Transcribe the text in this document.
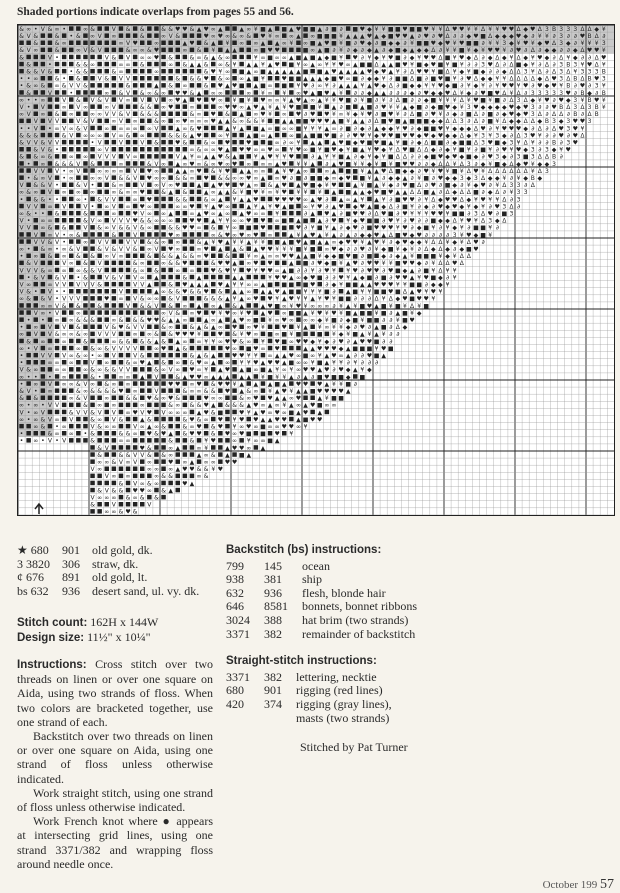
Shaded portions indicate overlaps from pages 55 and 56.
& ∞ • V & ∞ •	∞ &	V & &	& & ♥ ♥ & ▲ ♥ ∞ ▲	▲ ∞ ¥ ■ ▲ ■ ▲ ♥ ■ ■ ▲ ∂ ■ ∂ ■ ♥ ◆ ¥ ¥ ■ ■ ♥ ■ ■ ♥ ¥ ¥ Δ ♥ ♥ ¥ ¥ Δ ¥ ¥ ♥ ♥ Δ ◆ ♥ Δ 3 B 3 3 3 Δ Δ ◆ ¥
& V &	& • & ∞ V ∞	&	∞ V &	♥ ∞ ♥ ∞ & ∞ & ♥ ¥ ∞ ∞ ▲ ∞ ■ ■ ■ ¥ ▲ ▲ ▲ ♥ ▲ ◆ ■ ♥ ♥ ▲ ∂ ♥ ∂ ♥ Δ ∂ ∂ ◆ ♥ ■ Δ ◆ ◆ ◆ ♥ ◆ ∂ ¥ ¥ ∂ 3 ∂ ∂ ♥ B Δ ∂
&	& ∞	∞ V ♥	∞	▲ ♥ & ▲ ¥ ∞ ∞ ▲ ▲ ∞ ¥ ∞ ■ ▲ ♥ ■ ¥ ■ ∂ ♥ ◆ ∂ ■ ◆ ◆ ∂ ¥ ■ ■ ♥ ◆ ♥ ¥ ♥ ■ ■ ∂ ¥ ¥ 3 ◆ ¥ ♥ ¥ ◆ ♥ Δ 3 ◆ ∂ ¥ ¥ ¥ 3
& V ∞	&	∞ V & V	& ∞ ∞ & ♥	∞ & ¥ ▲ ▲	∞ ■ ♥ ♥	■ ∞ ▲ ■ ∂ ¥ ∂ ◆ ∂ ◆ ▲ ∂ ◆ ■ ◆ ▲ ◆ ◆ Δ ∂ ¥ ¥ ■ ¥ ◆ ¥ ♥ ♥ ¥ ∂ ♥ ∂ Δ ∂ ◆ ◆ ∂ ∂ ◆ Δ ♥ ♥ ¥
&	V •	V & V ∞ ∞ ♥ &	& ∞ & ▲ & ∞	¥ ∞ ■ ∞ ∞ ▲ ■ ▲ ■ ▲ ◆ ■ ¥ ♥ ∂ ¥ ◆ ¥ ♥ ■ ∂ ◆ ¥ ♥ ♥ Δ ■ ¥ ♥ ◆ Δ ∂ ◆ Δ ◆ ¥ Δ ◆ ¥ ♥ ◆ ∂ Δ ¥ ◆ ∂ ∂ Δ ♥
&	•	& & ∞	∞ ∞ &	∞ & ▲ ▲ & ∞ & ¥ ▲ ▲ ¥ ▲ ♥ ■ ¥ ∞ ▲ ∞ ¥ ¥ ♥ ∞ ▲ ■ ■ Δ ▲ ▲ ■ ♥ ¥ ■ ◆ ♥ ■ ¥ ■ ¥ ∂ ∂ 3 ♥ Δ ∂ Δ ■ ◆ ¥ ∂ Δ ∂ 3 B 3 ¥ ♥ Δ ¥
& & V &	• & &	& ∞	∞	& ♥ ¥ ∞ ■ ▲ ∞ ■ ▲ ▲ ▲ ▲ ▲ ■ ■ ▲ ♥ ▲ ▲ ▲ ▲ ♥ ◆ ♥ ▲ ¥ ∂ Δ ♥ ♥ ¥ ■ Δ ¥ ◆ ¥ ■ ◆ ∂ ∂ ◆ Δ Δ 3 ¥ Δ ∂ Δ 3 Δ ¥ 3 3 3 B
• • ∞	& • &	V & V V	& & & ♥ & ∞ ∞ ▲ ■ ¥	♥ ■ ■ ▲ ▲ ▲ ◆ ■ ♥ ∞ ■ ∂ ◆ ◆ ¥ ∂ ■ ■ Δ ■ ∂ ■ ♥ ■ ¥ ∂ ♥ Δ ◆ ◆ ¥ ¥ Δ Δ Δ Δ ◆ Δ ♥ 3 Δ B Δ B ♥ 3
• & ∞ & ∞ & V V &	&	▲ & ∞	& ♥ ▲ ♥ ■ ▲ ■ ∞ ■ ¥ ♥ ∂ ∞ ¥ ∂ ▲ ▲ ▲ ¥ ▲ ♥ ◆ Δ ∂ ■ ◆ ◆ ¥ ¥ ♥ ◆ ■ ∂ ¥ ◆ ¥ ∂ ¥ ♥ ♥ ¥ ♥ ∂ ♥ ◆ ♥ ¥ B ∂ ♥ ∂ 3 ¥
&	V	•	∞ & V & ∞ & ∞ ♥ ♥ & ▲ ∞ ∞	∞ ¥ ∞ ¥ ∞ ♥ ▲ ■ ♥ ▲ ¥ ∂ ∂ ◆ ▲ ▲ ∂ ∂ ∂ ◆ ∂ ♥ ◆ ◆ ♥ Δ ¥ ◆ ∂ ♥ ■ ♥ Δ ¥ Δ ∂ 3 3 3 3 3 ♥ ∂ B ◆ ∂ B
∞ • • ∞	V & V & V V ∞ V V ∞ ♥ ▲ ♥ ♥ ∞ ¥ ■ ¥ ♥ ∞ ∞ ¥ ▲ ♥ ▲ ∞ ▲ ¥ ¥ ♥ ■ ∂ ¥ ■ ∂ ¥ ∂ Δ ■ ∂ ∂ ◆ ■ ¥ ¥ ¥ Δ ¥ ♥ ■ ¥ ■ ∂ Δ 3 Δ ◆ ¥ ♥ ∂ ♥ ◆ 3 ¥ B ♥ ¥
V • V	∞ V ∞	∞ V	& & ∞ ♥	∞	∞ ♥ ♥ ∞ ▲ ♥ ▲ ¥ ▲ ¥ ♥ ■ ■ ¥ ▲ ∂ ■ ▲ ■ ∂ ♥ ¥ ¥ ▲ ◆ ■ ∂ ◆ ■ ♥ ◆ ¥ 3 ♥ ◆ ◆ ◆ ◆ ♥ ◆ ♥ 3 ∂ ∂ ♥ B Δ 3 Δ 3 B ¥
∞ V ∞ & ∞	∞ ∞ V V & V & & &	& ∞ ♥ & ▲ ∞ ♥ ¥ ∞ ♥ ∂ ♥ ♥ ¥ ∞ ¥ ◆ ¥ ♥ ∂ ■ ♥ ¥ ∂ Δ ■ ∂ ♥ ¥ ∂ ◆ ∂ ■ Δ ∂ ■ ∂ ◆ ♥ ◆ ♥ 3 Δ ∂ Δ Δ ∂ B ∂ Δ B
V V V	V & V	∞ V ∞	& ∞ ∞ ♥ ∞ ∞ ∞ ♥ ▲ ▲ & ∞ & & ¥ ■ ▲ ▲ ■ ■ ♥ ♥ ♥ ▲ ■ ¥ ▲ ▲ ∂ Δ ■ ♥ ■ ▲ ■ ■ ■ ◆ ◆ Δ Δ 3 ∂ Δ ∂ ■ ¥ Δ ◆ ◆ Δ Δ ◆ B 3 ◆ 3 ♥ ♥ 3
• • V • ∞ V ∞ & V	∞ ∞ ∞ ∞ ∞ V	▲ ∞ & ♥	▲ ¥ ▲ ■ ▲ ∞ ■ ∞ ∞ ■ ¥ ¥ ¥ ▲ ∞ ∂ ■ ∂ ◆ ∂ ▲ ◆ ◆ ¥ ♥ ∂ ◆ ■ ■ ♥ ¥ ◆ ◆ ◆ Δ ♥ ∂ ¥ ♥ ♥ ♥ ◆ ∂ Δ ∂ Δ ♥ 3 ♥ ¥
& & &	& V ∞ ∞ ∞ V ∞ & ∞	& & & ▲ ♥	∞ ¥	▲ ■ ∞ ▲	∞ ■ ▲ ■ ■ ♥ ■ ∂ ∂ ♥ ♥ ¥ ◆ ♥ ♥ ■ ♥ ♥ ◆ ♥ ◆ ♥ ◆ ◆ Δ ◆ ¥ 3 ¥ 3 ◆ ∂ Δ 3 ♥ ¥ ∂ ∂ ♥ ∂ ♥ Δ
& V V & V V	• V	V	V &	♥ &	& ∞ ♥	♥ ■ ■ ∞ ∂ ∞ ¥ ▲ ▲ ▲ ♥ ■ ◆ ♥ ■ ♥ ■ ▲ ¥ ■ ∂ ◆ Δ ■ ■ ∂ ◆ ■ ■ Δ 3 ♥ ■ ◆ 3 ¥ Δ ¥ ∂ ∂ B ∂ 3 ♥
& V & •	∞ V	∞ & ∞ ∞ ♥ ▲ ♥ ♥ ∞ ∞ ♥ ∞ ¥ ♥ ∞ ■ ¥ ■ ♥ ◆ ¥ ■ ▲ ¥ ♥ ◆ ¥ Δ ♥ ■ Δ Δ ◆ ∂ ◆ ¥ ■ ¥ ∂ ■ ¥ ∂ ♥ ¥ ♥ ◆ 3 ∂ 3 ◆ ¥ ♥
& & ∞ &	∞ ∞ V V V V ∞	V ▲ ¥ ∞ ▲ ▲ ♥ & ▲ ■ ¥ ▲ ♥ ¥ ¥ ♥	∂ ▲ ¥ ¥ ■ ▲ ∂ ◆ ¥ ◆ ¥ ■ Δ Δ ∂ ∂ ◆ ■ ♥ ◆ ♥ ◆ ■ ◆ ∂ ♥ 3 ◆ ∂ 3 ■ 3 Δ Δ B ∂
• ∞ & & & V &	∞	& V ∞ ▲ ∞ ♥ ∞ & ∞ ♥ ∞ ♥ ∞ ∞ ∞ ▲ ♥ ¥ ¥ ▲ ∂ ▲ ♥ ■ ¥ ¥ ◆ ¥ ■ ¥ ■ ♥ ♥ ∂ ∂ ◆ Δ Δ ¥ Δ 3 ∂ ◆ ¥ ■ ◆ Δ ◆ ♥ ¥ ◆ ◆ 3
V V V • ∞ V	∞ ∞ ∞ ∞ V ♥ ∞	▲ ▲ ∞ ♥ & ¥ ♥ ▲ ▲ ∞ ∞ ▲ ¥ ♥ ▲ ∞	∞ ▲ ■ ■ ¥ ▲ ▲ ♥ Δ ■ ◆ ◆ ∂ ♥ ¥ ♥ ¥ ■ ¥ Δ ♥ ¥ Δ Δ Δ Δ Δ Δ ¥ Δ 3
• & ∞ V • ∞	∞ ∞ V & & V ♥ ∞ ∞ & & ∞ ♥ & & ∞ ∞ ♥ ∞ ▲ ∞ ♥ ∂ ■ ∂ ■ ■ ◆ ∞ ◆ ♥ ■ ¥ ▲ ∂ ◆ ◆ ▲ ∂ ¥ ■ ∂ ♥ ◆ ◆ 3 ◆ 3 Δ ◆ ◆ ¥ ∂ ¥ ◆ B ◆
V & & V •	& V •	& ∞	V ∞ V ∞ ♥	▲ ▲ ♥ ♥ ♥ ▲ ∞ & ▲ ♥ ▲ ♥ ■ ◆ ¥ ♥	▲ ¥ ■ ▲ ¥ ◆ ∂ ♥ ■ Δ ∂ ♥ ∂ ■ ◆ ∂ ¥ ◆ ♥ ∂ ¥ Δ 3 3 ∂ Δ
∞ & ∞ V ∞ ∞ ∞	∞ & ∞ ∞ ♥	& ▲ &	▲ ∞ ▲ ▲ & ¥ ■ ♥ ¥ ∞ ¥ ♥ ¥ ¥ ¥ ▲ ■ ▲ ▲ ◆ ♥ ■ ♥ ▲ ▲ Δ Δ ■ ▲ ∂ Δ ◆ Δ Δ ■ ∂ ◆ Δ ∂ ¥ 3 3
• & & • •	∞ • & V V	∞ ♥	& &	& ∞ ▲ ¥ ▲ ▲ ♥	♥ ♥ ♥ ♥ ∞ ▲ ♥ ∂ ▲ ∞ ▲ ¥ ▲ ¥ ∂ ■ ♥ ♥ ∂ ¥ Δ ◆ ♥ ♥ Δ ◆ ¥ ♥ ¥ ¥ Δ ∂ 3
V V ∞ V	V • ∞ V ∞ ♥ ∞	∞ ∞ ♥ ¥ ▲ ♥ ∞	▲ ¥ ▲ ¥ ♥ ▲ ■ ∞ ¥ ♥ ∂ ▲ ♥ ◆ ♥ ▲ ■ ◆ Δ ∂ ■ ¥ ∂ ◆ ∂ ♥ ◆ ♥ ◆ ¥ ◆ ¥ ∂ ♥ 3 Δ ∂
∞ & • • &	&	∞	♥ V ∞ ∞ ▲	∞ ▲ ♥ ∞ ▲ ∞ ▲ ♥ ∞ ∞ ¥	∂ ▲ ♥ ▲ ∂ ■ ♥ ♥ ∂ Δ ♥ ■ ∂ ♥ ¥ ¥ ¥ ♥ ♥ ¥ ■ ■ ∂ 3 Δ ♥ ∂ ■ 3
V • ∞ ∞	& V ∞ V V V ♥ & & ∞ ∞ ∞	♥ ♥ ▲ ¥ ¥ ∞ ∞ ♥ ♥ ∞ ■ ▲ ■ ▲ ∂ ♥ ¥ ◆ ♥ ■ ■ ∂ ♥ ¥ ∂ ♥ ∂ ∂ ■ ◆ ◆ Δ ¥ ♥ ¥ Δ 3 ◆ Δ
V V ∞ & &	V & ∞ V & & V & ∞	& & ♥ ♥ ∞ & ¥ ∞ ■ ♥	■ ♥ ∂ ¥ ■ ¥ ▲ ∂ ◆ ♥ ∂ ■ ♥ ♥ ♥ ¥ ♥ ∂ ◆ ■ ¥ ∂ ¥ ◆ ¥ ∂ ■ ■ ¥ ∂
V ∞ V • ∞ &	&	V	♥ ∞	∞ & ♥ ∞ ♥ ∞ ♥ ∞	▲ ¥ ▲ ♥ ▲ ¥ ▲ ∂ ▲ ∂ ◆ ◆ ♥ ▲ Δ ■ ♥ ◆ ♥ ∂ ∂ ∂ ∂ 3 ¥ ♥ ◆ ■ ¥
V V & V •	∞ V V	V V & & ∞ ∞	& ▲ ¥ ♥ ▲ ¥ ¥ ▲ ¥ ¥ ■ ■ ▲ ■ ♥ ▲ ■ ▲ ▲ ∞ ◆ ♥ ♥ ¥ ▲ ♥ ¥ ∂ ◆ ♥ ◆ ◆ ¥ Δ Δ ¥ ◆ ¥ Δ ♥ ∂
∞ • & ∞ • ∞ & V	& V & V V & ∞ V ♥ ∞	∞ ♥ ▲ ▲ & ▲ ♥ ♥ ¥ ¥ ¥ ■ ¥ ■ ∞ ♥ ◆ ∂ ∂ ♥ ∂ ¥ ◆ ■ ¥ ◆ ¥ ∂ Δ ◆ Δ ◆ ∂ ◆ ■ ♥
• ∞ & ∞ & & ∞ V ∞	& & & ▲ & & ∞ ♥	&	¥ ∞ ▲ ∞ ∞ ♥ ♥ ▲ ▲ ■ ¥ ◆ ◆ ■ ♥ ■ ∂ ■ ◆ ∂ ◆ ▲ ¥ ■ ■ ■ ¥ ◆ ¥ Δ Δ
& V	V ∞ & V	& ∞	∞ & & ♥	& ♥ ♥ ▲ ∞ ♥ ♥	▲ ■ ∂ ♥ ◆ ■ ¥ ▲ ♥ ∂ ♥ ♥ ¥ ¥ ■ ♥ ♥ ◆ ∂ ¥ Δ Δ ♥ Δ
V V V & ∞ ∞ ∞ & & V	& ∞ &	∞ ∞	♥ & ♥ ¥ ♥ ¥ ♥ ♥ ∞ ▲ ■ ∂ ∂ ¥ ∂ ♥ ¥ ¥ ♥ ∂ ♥ ♥ ∂ ♥ ■ ◆ ▲ ∂ ■ ¥ Δ ¥ ¥
• & V & V • &	V & V V ∞ ▲	& ▲	▲ ▲	¥ ♥ ♥ ▲ ∞ ◆ ♥ ■ ∂ ∂ ♥ ¥ ▲ ◆ ■ ∂ ■ ∂ ♥ ♥ ▲ ¥ ♥ ■ ◆ ∂ ¥
V ∞	∞ V V V V V &	V V ▲	& ♥ ▲ ▲ ▲ ♥ ▲ ¥ ¥ ∞ ∞ ▲ ■ ■ ■ ■ ♥ ∂ ◆ ¥ ■ ■ ▲ ▲ ♥ ♥ ♥ ¥ ¥ ■ ■ ∂ ◆ ◆ ¥
V & • V • •	V	▲ ∞ & & ♥ & & ♥ & ▲ ▲ ∞ ▲ ▲ ♥ ▲ ■ ■ ¥ ¥ ¥ ■ ∂ ▲ ■ ¥ ¥ ■ ■ ♥ ■ Δ ▲ ♥ ¥ ♥ ¥
∞ & & V • V V V	♥ ∞ V & ∞ ∞ & V	& & & ▲ ¥ ▲ ∞ ♥ ♥ ¥ ▲ ♥ ¥ ¥ ▲ ¥ ♥ ¥ ■ ■ ∂ ∂ ∂ Δ ¥ Δ ◆ ♥ ■ ♥ ♥ ¥
∞ ∞ V & &	&	V & & V & ∞ ▲ ∞ ▲ & ▲	▲ ♥ ■ ∞ ¥ ♥ ¥ ∞ ∞ ∞ ∂ ¥ ▲ ¥ ■ ♥ ▲ ■ ¥ ■ ¥ Δ ¥ ■
V ∞ • V	∞	∞ V & ∞ ♥ ♥ ¥ ♥ ∞ ¥ ♥ ▲ ♥ ∞ ■ ■ ▲ ¥ ♥ ¥ ♥ ¥ ■ ▲ ■ ■ ¥ ■ ∂ ▲ ■ ¥ ◆
• • ∞ ∞ & & &	∞ & & & ♥ ♥ & ▲ ▲ ∞	▲ ∞ ▲ ▲ ♥ ∞ ■ ¥ ∞ ♥ ∞ ∞ ∞ ◆ ¥ ■ ∂ ◆ ■ ¥ ■ ■ ∂ ∂ ¥ ■ ♥
• ∞ V V &	V & ♥ & V V	& ∞	& ▲ & ▲ ∞ ♥ ∞ ♥ ¥	♥ ¥ ▲ ¥ ∞ ¥ ¥ ◆ ∂ ♥ ∂ ▲ ■ ∂ Δ ◆
∞ V V & ∞ ∞ & ∞ V V V	∞ ∞ & & ♥ ♥ ♥ ¥	♥ & ¥ ♥ ∞ ■ ∞ ■ ¥ ■	■ ¥ ◆ ¥ ■ ▲ ¥ ▲ ¥ ∂ ∂
& ∞	∞	&	∞ & & & & ▲ & ▲ ∞ ∞ ¥ ¥ ∞ ♥ ♥ & ∞ ¥ ♥ ■ ∞ ♥ ♥ ◆ ¥ ◆ ∂ ♥ ∂ ▲ ♥ ♥ ■ ∂ ∂
∞ • V ∞	∞ & ∞ & V V V V	∞ ♥ ▲ &	♥ ∞ ■ ♥ ∞ ♥	▲ ▲ ♥ ♥ ♥ ◆ ▲ ■ ■ ■ ¥ ♥ ■
•	V V V ∞ & ∞ • ∞ V	V &	& ▲ & ▲	♥ ♥ ¥ ¥ ∞ ▲ ▲ ♥ ∞ ■ ∞ ¥ ▲ ♥ ∞ ▲ ∂ ∂ ♥ ■ ▲
•	∞ ∞ ∞	V ∞	& ∞ ♥ ▲ & ∞ & ♥ ∞ ▲ ∞ ¥ ¥ ♥ ▲ ♥ ♥ ▲ ■ ∞ ∞ ¥ ■ ▲ ¥ ¥ ∂ ¥ ∂ ∂ ∂
V & ∞	∞ ∞	∞ & ∞ & & V V	& ∞ V ∞ ♥ ∞ ¥ ▲ ♥ ▲ ■ ∞ ■ ▲ ¥ ∞ ¥ ∞ ♥ ♥ ▲ ♥ ∂ ♥ ◆ ▲ ¥ ◆
∞ • • • ∞	& •	∞ ∞ ▲ V	& ▲ ♥ ♥ ∞ ▲ ▲ ▲ ▲ ▲ ¥ ■ ¥ ¥ ▲ ∂ ▲ ∂ ■ ♥ ■ ■ ◆ ■
• ∞ V ∞ ∞ & V ∞ & ∞ ∞	♥ ♥ ∞ ♥ & ♥ ♥ ¥ ▲ ▲ ▲ ■ ▲ ♥ ♥ ♥ ▲ ¥ ¥ ■ ∂
& V • ∞	& ∞ & & & & ♥ ∞	V	& ∞ ∞ & & ♥ ▲ & ∞ ¥ ▲ ♥ ¥ ▲ ▲ ■ ♥ ♥ ♥ ♥ ▲
& &	∞ & V	∞	& & ♥ & ∞ ♥ &	♥ ∞ ∞	& ∞ ♥ ♥ ▲ ▲ ∞ ♥	▲ ¥ ■ ■
∞ • ∞ • V V	& ∞ ∞	∞	& ∞ & & ♥ ▲ & & & ▲ ♥ ∞ ▲ ∞ ¥ ▲ ∞ ▲ ♥ ■ ∞ ∞
V • ∞ V	& V V & V V ∞ ♥ V ♥ V ∞ ∞ ∞ ▲ ♥ & ■	♥ ¥ ▲ ♥ ∞ ♥ ∞ ■ ▲ ♥ ▲
∞ • ∞ & V ∞ V	& ∞ V &	▲ &	& ♥ & ∞ ♥ ¥ ♥ ♥ ▲ ▲ ♥ ♥ ▲ ■ ♥ ♥
∞ & • ∞	V & ∞ ∞	V ∞ ▲ ∞ &	& ∞ ♥ & ♥ ¥ ∞ ♥ ∞ ■ ∞ ∞ ♥ ♥ ∞ ¥
•	& ∞ ∞ • &	& & ∞ ♥ & ♥ ▲ & ♥ ♥ & ♥ ∞ ♥ ■ ■ ♥ ¥
• ∞ • V • V	&	∞ ∞	&	& ¥ ♥	∞ ¥ ∞ ∞ ■ ▲
& V	♥ &	∞ ▲	∞ ¥	▲ ♥ ♥ ∞ ▲
&	& & V V & & ∞	▲ ∞ & ▲ ■ ▲
∞ ∞ & V ∞ V ∞	♥ ∞ ▲ ∞ ∞ ♥ ♥
V ∞	∞ ∞ ∞ ▲ ♥ ♥ & & ¥ ♥
V ∞ ∞	∞ & &	∞ &
& V ∞ & ∞	♥ ▲
& V & & ♥ ♥ ∞ & ▲
V ∞ ∞ ∞ & ∞ & &
&	V	V
∞ ∞ & ♥ &
★ 680	901	old gold, dk.
3 3820	306	straw, dk.
¢ 676	891	old gold, lt.
bs 632	936	desert sand, ul. vy. dk.
Stitch count: 162H x 144W
Design size: 11½" x 10¼"

Instructions: Cross stitch over two threads on linen or over one square on Aida, using two strands of floss. When two colors are bracketed together, use one strand of each.

Backstitch over two threads on linen or over one square on Aida, using one strand of floss unless otherwise indicated.

Work straight stitch, using one strand of floss unless otherwise indicated.

Work French knot where ● appears at intersecting grid lines, using one strand 3371/382 and wrapping floss around needle once.

Backstitch (bs) instructions:
799	145	ocean
938	381	ship
632	936	flesh, blonde hair
646	8581	bonnets, bonnet ribbons
3024	388	hat brim (two strands)
3371	382	remainder of backstitch
Straight-stitch instructions:
3371	382	lettering, necktie
680	901	rigging (red lines)
420	374	rigging (gray lines),
		masts (two strands)
Stitched by Pat Turner
October 199 57
